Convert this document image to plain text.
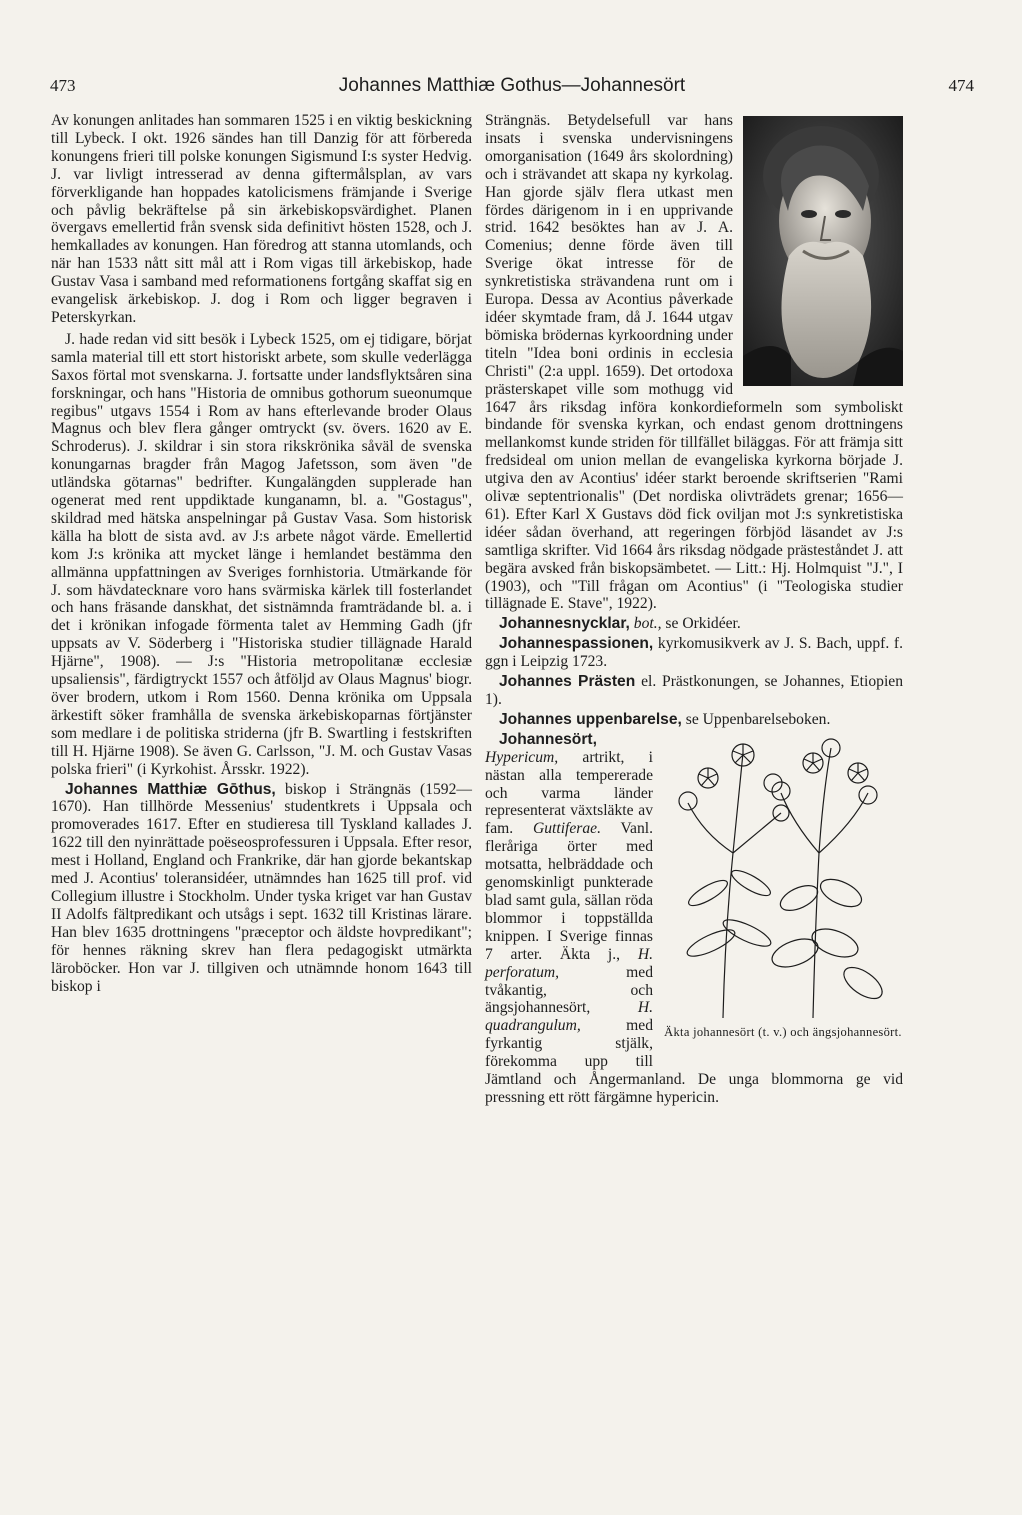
473	Johannes Matthiæ Gothus—Johannesört	474

Av konungen anlitades han sommaren 1525 i en viktig beskickning till Lybeck. I okt. 1926 sändes han till Danzig för att förbereda konungens frieri till polske konungen Sigismund I:s syster Hedvig. J. var livligt intresserad av denna giftermålsplan, av vars förverkligande han hoppades katolicismens främjande i Sverige och påvlig bekräftelse på sin ärkebiskopsvärdighet. Planen övergavs emellertid från svensk sida definitivt hösten 1528, och J. hemkallades av konungen. Han föredrog att stanna utomlands, och när han 1533 nått sitt mål att i Rom vigas till ärkebiskop, hade Gustav Vasa i samband med reformationens fortgång skaffat sig en evangelisk ärkebiskop. J. dog i Rom och ligger begraven i Peterskyrkan.

J. hade redan vid sitt besök i Lybeck 1525, om ej tidigare, börjat samla material till ett stort historiskt arbete, som skulle vederlägga Saxos förtal mot svenskarna. J. fortsatte under landsflyktsåren sina forskningar, och hans "Historia de omnibus gothorum sueonumque regibus" utgavs 1554 i Rom av hans efterlevande broder Olaus Magnus och blev flera gånger omtryckt (sv. övers. 1620 av E. Schroderus). J. skildrar i sin stora rikskrönika såväl de svenska konungarnas bragder från Magog Jafetsson, som även "de utländska götarnas" bedrifter. Kungalängden supplerade han ogenerat med rent uppdiktade kunganamn, bl. a. "Gostagus", skildrad med hätska anspelningar på Gustav Vasa. Som historisk källa ha blott de sista avd. av J:s arbete något värde. Emellertid kom J:s krönika att mycket länge i hemlandet bestämma den allmänna uppfattningen av Sveriges fornhistoria. Utmärkande för J. som hävdatecknare voro hans svärmiska kärlek till fosterlandet och hans fräsande danskhat, det sistnämnda framträdande bl. a. i det i krönikan infogade förmenta talet av Hemming Gadh (jfr uppsats av V. Söderberg i "Historiska studier tillägnade Harald Hjärne", 1908). — J:s "Historia metropolitanæ ecclesiæ upsaliensis", färdigtryckt 1557 och åtföljd av Olaus Magnus' biogr. över brodern, utkom i Rom 1560. Denna krönika om Uppsala ärkestift söker framhålla de svenska ärkebiskoparnas förtjänster som medlare i de politiska striderna (jfr B. Swartling i festskriften till H. Hjärne 1908). Se även G. Carlsson, "J. M. och Gustav Vasas polska frieri" (i Kyrkohist. Årsskr. 1922).

Johannes Matthiæ Gōthus, biskop i Strängnäs (1592—1670). Han tillhörde Messenius' studentkrets i Uppsala och promoverades 1617. Efter en studieresa till Tyskland kallades J. 1622 till den nyinrättade poëseosprofessuren i Uppsala. Efter resor, mest i Holland, England och Frankrike, där han gjorde bekantskap med J. Acontius' toleransidéer, utnämndes han 1625 till prof. vid Collegium illustre i Stockholm. Under tyska kriget var han Gustav II Adolfs fältpredikant och utsågs i sept. 1632 till Kristinas lärare. Han blev 1635 drottningens "præceptor och äldste hovpredikant"; för hennes räkning skrev han flera pedagogiskt utmärkta läroböcker. Hon var J. tillgiven och utnämnde honom 1643 till biskop i

Strängnäs. Betydelsefull var hans insats i svenska undervisningens omorganisation (1649 års skolordning) och i strävandet att skapa ny kyrkolag. Han gjorde själv flera utkast men fördes därigenom in i en upprivande strid. 1642 besöktes han av J. A. Comenius; denne förde även till Sverige ökat intresse för de synkretistiska strävandena runt om i Europa. Dessa av Acontius påverkade idéer skymtade fram, då J. 1644 utgav bömiska brödernas kyrkoordning under titeln "Idea boni ordinis in ecclesia Christi" (2:a uppl. 1659). Det ortodoxa prästerskapet ville som mothugg vid 1647 års riksdag införa konkordieformeln som symboliskt bindande för svenska kyrkan, och endast genom drottningens mellankomst kunde striden för tillfället biläggas. För att främja sitt fredsideal om union mellan de evangeliska kyrkorna började J. utgiva den av Acontius' idéer starkt beroende skriftserien "Rami olivæ septentrionalis" (Det nordiska olivträdets grenar; 1656—61). Efter Karl X Gustavs död fick oviljan mot J:s synkretistiska idéer sådan överhand, att regeringen förbjöd läsandet av J:s samtliga skrifter. Vid 1664 års riksdag nödgade prästeståndet J. att begära avsked från biskopsämbetet. — Litt.: Hj. Holmquist "J.", I (1903), och "Till frågan om Acontius" (i "Teologiska studier tillägnade E. Stave", 1922).

Johannesnycklar, bot., se Orkidéer.

Johannespassionen, kyrkomusikverk av J. S. Bach, uppf. f. ggn i Leipzig 1723.

Johannes Prästen el. Prästkonungen, se Johannes, Etiopien 1).

Johannes uppenbarelse, se Uppenbarelseboken.

Äkta johannesört (t. v.) och ängsjohannesört.

Johannesört, Hypericum, artrikt, i nästan alla tempererade och varma länder representerat växtsläkte av fam. Guttiferae. Vanl. fleråriga örter med motsatta, helbräddade och genomskinligt punkterade blad samt gula, sällan röda blommor i toppställda knippen. I Sverige finnas 7 arter. Äkta j., H. perforatum, med tvåkantig, och ängsjohannesört,	H. quadrangulum, med fyrkantig stjälk, förekomma upp till Jämtland och Ångermanland. De unga blommorna ge vid pressning ett rött färgämne hypericin.
